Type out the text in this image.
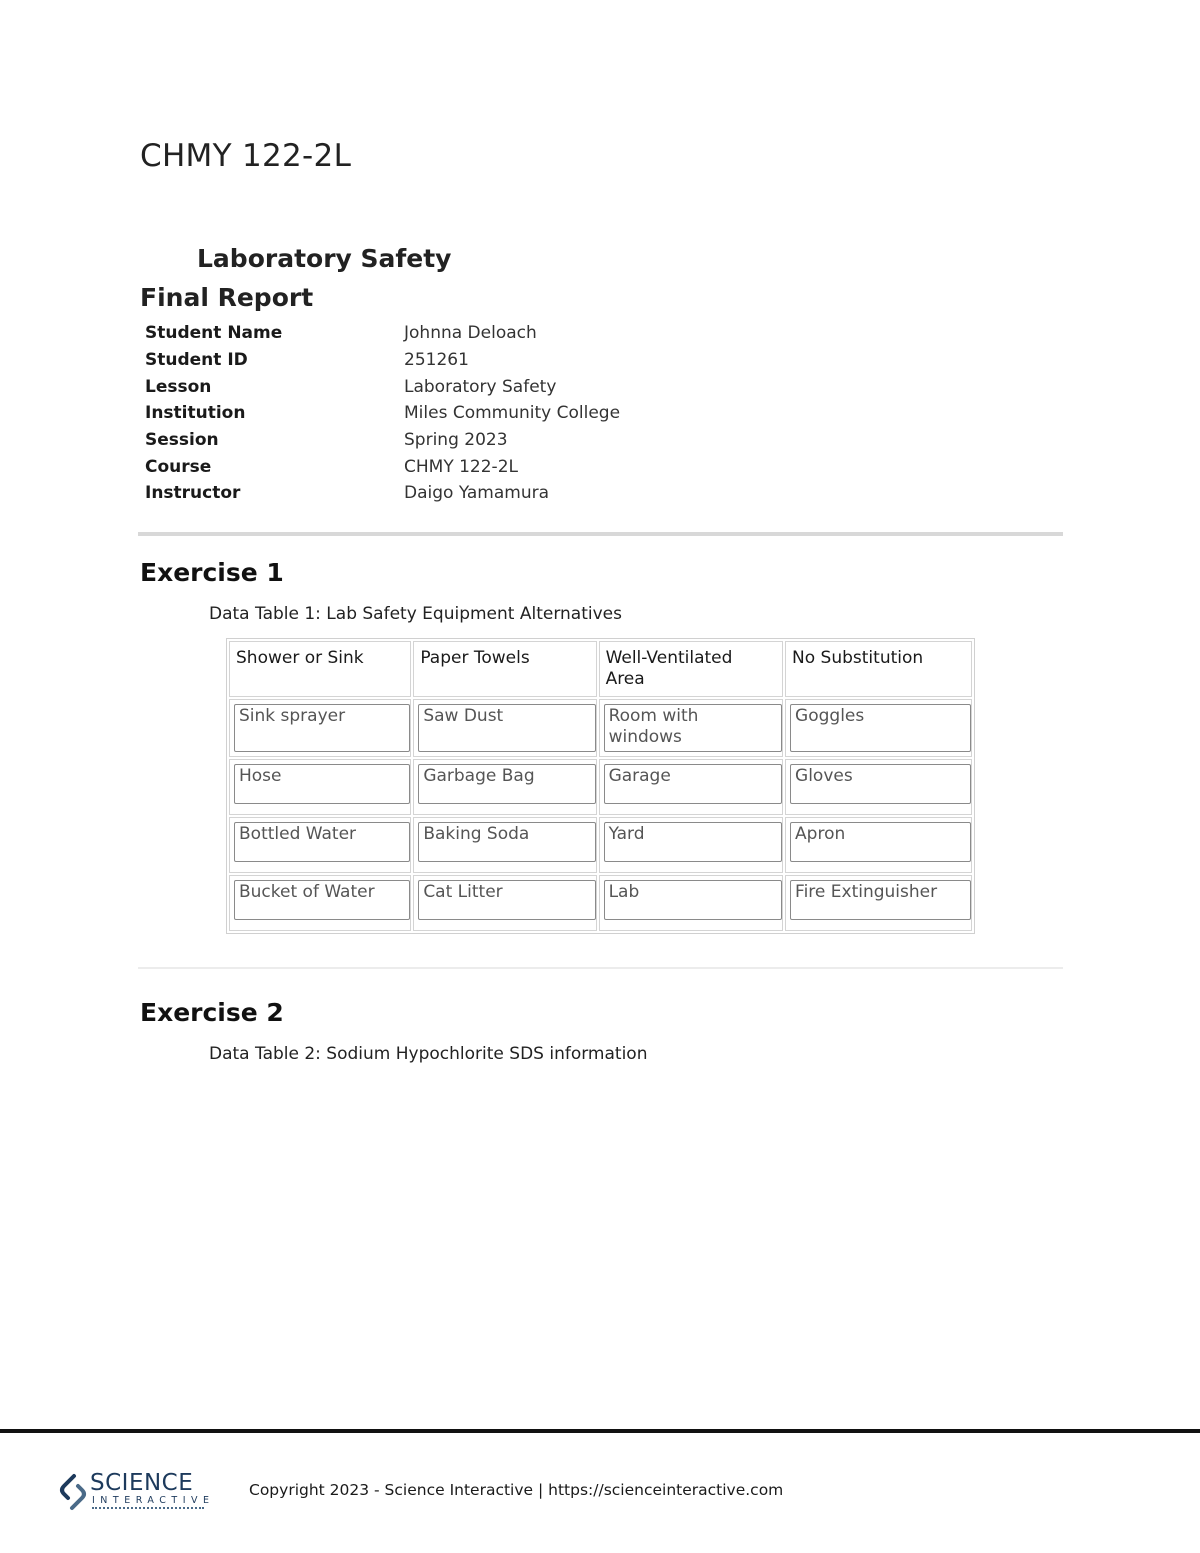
CHMY 122-2L
Laboratory Safety
Final Report
Student Name	Johnna Deloach
Student ID	251261
Lesson	Laboratory Safety
Institution	Miles Community College
Session	Spring 2023
Course	CHMY 122-2L
Instructor	Daigo Yamamura
Exercise 1
Data Table 1: Lab Safety Equipment Alternatives
Shower or Sink	Paper Towels	Well-Ventilated Area	No Substitution

Sink sprayer	Saw Dust	Room with windows	Goggles

Hose	Garbage Bag	Garage	Gloves

Bottled Water	Baking Soda	Yard	Apron

Bucket of Water	Cat Litter	Lab	Fire Extinguisher
Exercise 2
Data Table 2: Sodium Hypochlorite SDS information
SCIENCE
INTERACTIVE
Copyright 2023 - Science Interactive | https://scienceinteractive.com
